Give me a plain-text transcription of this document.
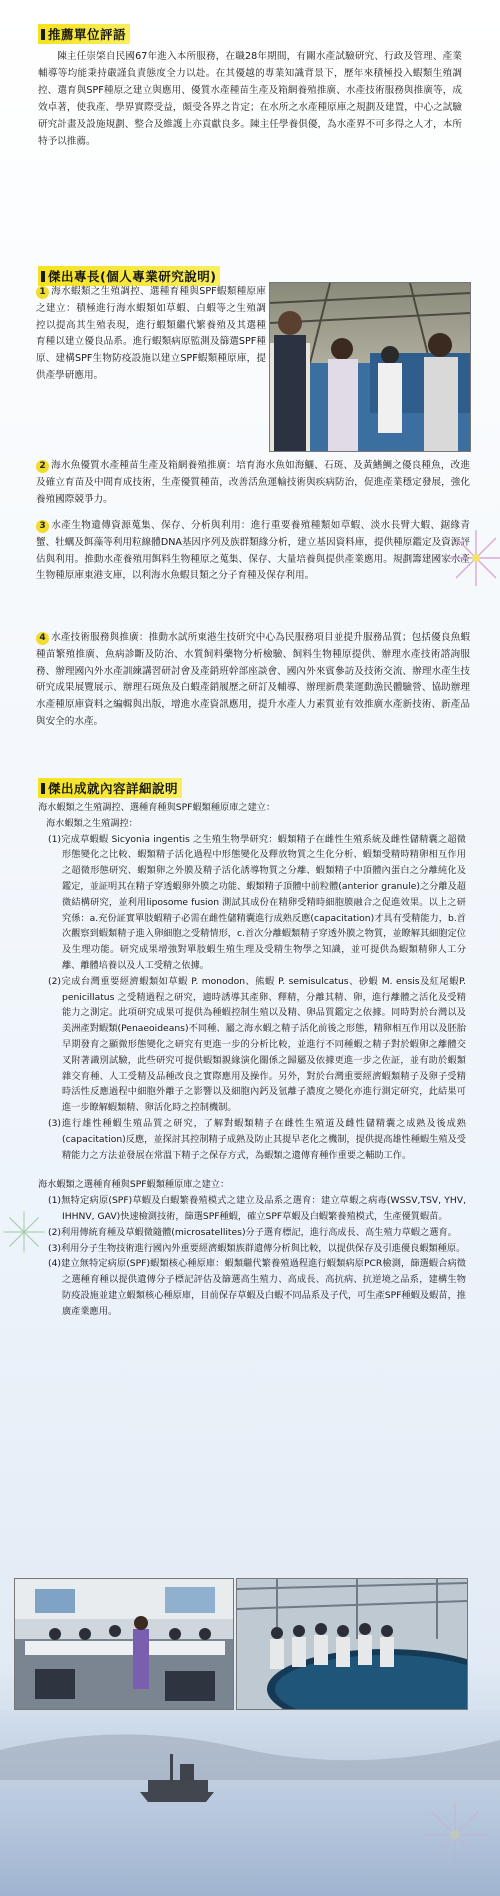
推薦單位評語
陳主任崇棨自民國67年進入本所服務，在職28年期間，有關水產試驗研究、行政及管理、產業輔導等均能秉持嚴謹負責態度全力以赴。在其優越的專業知識背景下，歷年來積極投入蝦類生殖調控、選育與SPF種原之建立與應用、優質水產種苗生產及箱網養殖推廣、水產技術服務與推廣等，成效卓著，使我產、學界實際受益，頗受各界之肯定；在水所之水產種原庫之規劃及建置，中心之試驗研究計畫及設施規劃、整合及維護上亦貢獻良多。陳主任學養俱優，為水產界不可多得之人才，本所特予以推薦。
傑出專長(個人專業研究說明)
1 海水蝦類之生殖調控、選種育種與SPF蝦類種原庫之建立：積極進行海水蝦類如草蝦、白蝦等之生殖調控以提高其生殖表現，進行蝦類繼代繁養殖及其選種育種以建立優良品系。進行蝦類病原監測及篩選SPF種原、建構SPF生物防疫設施以建立SPF蝦類種原庫，提供產學研應用。
2 海水魚優質水產種苗生產及箱網養殖推廣：培育海水魚如海鱺、石斑、及黃鰭鯛之優良種魚，改進及確立育苗及中間育成技術，生產優質種苗，改善活魚運輸技術與疾病防治，促進產業穩定發展，強化養殖國際競爭力。
3 水產生物遺傳資源蒐集、保存、分析與利用：進行重要養殖種類如草蝦、淡水長臂大蝦、鋸緣青蟹、牡蠣及餌藻等利用粒線體DNA基因序列及族群類緣分析，建立基因資料庫，提供種原鑑定及資源評估與利用。推動水產養殖用餌料生物種原之蒐集、保存、大量培養與提供產業應用。規劃籌建國家水產生物種原庫東港支庫，以利海水魚蝦貝類之分子育種及保存利用。
4 水產技術服務與推廣：推動水試所東港生技研究中心為民服務項目並提升服務品質；包括優良魚蝦種苗繁殖推廣、魚病診斷及防治、水質飼料藥物分析檢驗、飼料生物種原提供、辦理水產技術諮詢服務、辦理國內外水產訓練講習研討會及產銷班幹部座談會、國內外來賓參訪及技術交流、辦理水產生技研究成果展覽展示、辦理石斑魚及白蝦產銷履歷之研訂及輔導、辦理新農業運動漁民體驗營、協助辦理水產種原庫資料之編輯與出版，增進水產資訊應用，提升水產人力素質並有效推廣水產新技術、新產品與安全的水產。
傑出成就內容詳細說明
海水蝦類之生殖調控、選種育種與SPF蝦類種原庫之建立：
海水蝦類之生殖調控：
(1)完成草蝦蝦 Sicyonia ingentis 之生殖生物學研究：蝦類精子在雌性生殖系統及雌性儲精囊之超微形態變化之比較、蝦類精子活化過程中形態變化及釋放物質之生化分析、蝦類受精時精卵相互作用之超微形態研究、蝦類卵之外膜及精子活化誘導物質之分離、蝦類精子中頂體內蛋白之分離純化及鑑定，並証明其在精子穿透蝦卵外膜之功能、蝦類精子頂體中前粒體(anterior granule)之分離及超微結構研究，並利用liposome fusion 測試其成份在精卵受精時細胞膜融合之促進效果。以上之研究係：a.充份証實單肢蝦精子必需在雌性儲精囊進行成熟反應(capacitation)才具有受精能力，b.首次觀察到蝦類精子進入卵細胞之受精情形，c.首次分離蝦類精子穿透外膜之物質，並瞭解其細胞定位及生理功能。研究成果增強對單肢蝦生殖生理及受精生物學之知識，並可提供為蝦類精卵人工分離、離體培養以及人工受精之依據。
(2)完成台灣重要經濟蝦類如草蝦 P. monodon、熊蝦 P. semisulcatus、砂蝦 M. ensis及紅尾蝦P. penicillatus 之受精過程之研究，適時誘導其產卵、釋精，分離其精、卵，進行離體之活化及受精能力之測定。此項研究成果可提供為種蝦控制生殖以及精、卵品質鑑定之依據。同時對於台灣以及美洲產對蝦類(Penaeoideans)不同種、屬之海水蝦之精子活化前後之形態，精卵相互作用以及胚胎早期發育之顯微形態變化之研究有更進一步的分析比較，並進行不同種蝦之精子對於蝦卵之離體交叉附著識別試驗，此些研究可提供蝦類親緣演化關係之歸屬及依據更進一步之佐証，並有助於蝦類雜交育種、人工受精及品種改良之實際應用及操作。另外，對於台灣重要經濟蝦類精子及卵子受精時活性反應過程中細胞外離子之影響以及細胞內鈣及氫離子濃度之變化亦進行測定研究，此結果可進一步瞭解蝦類精、卵活化時之控制機制。
(3)進行雄性種蝦生殖品質之研究，了解對蝦類精子在雌性生殖道及雌性儲精囊之成熟及後成熟(capacitation)反應，並探討其控制精子成熟及防止其提早老化之機制，提供提高雄性種蝦生殖及受精能力之方法並發展在常溫下精子之保存方式，為蝦類之遺傳育種作重要之輔助工作。
海水蝦類之選種育種與SPF蝦類種原庫之建立：
(1)無特定病原(SPF)草蝦及白蝦繁養殖模式之建立及品系之選育：建立草蝦之病毒(WSSV,TSV, YHV, IHHNV, GAV)快速檢測技術，篩選SPF種蝦，確立SPF草蝦及白蝦繁養殖模式，生產優質蝦苗。
(2)利用傳統育種及草蝦微隨體(microsatellites)分子選育標記，進行高成長、高生殖力草蝦之選育。
(3)利用分子生物技術進行國內外重要經濟蝦類族群遺傳分析與比較，以提供保存及引進優良蝦類種原。
(4)建立無特定病原(SPF)蝦類核心種原庫：蝦類繼代繁養殖過程進行蝦類病原PCR檢測，篩選蝦合病徵之選種育種以提供遺傳分子標記評估及篩選高生殖力、高成長、高抗病、抗逆境之品系，建構生物防疫設施並建立蝦類核心種原庫，目前保存草蝦及白蝦不同品系及子代，可生產SPF種蝦及蝦苗，推廣產業應用。
